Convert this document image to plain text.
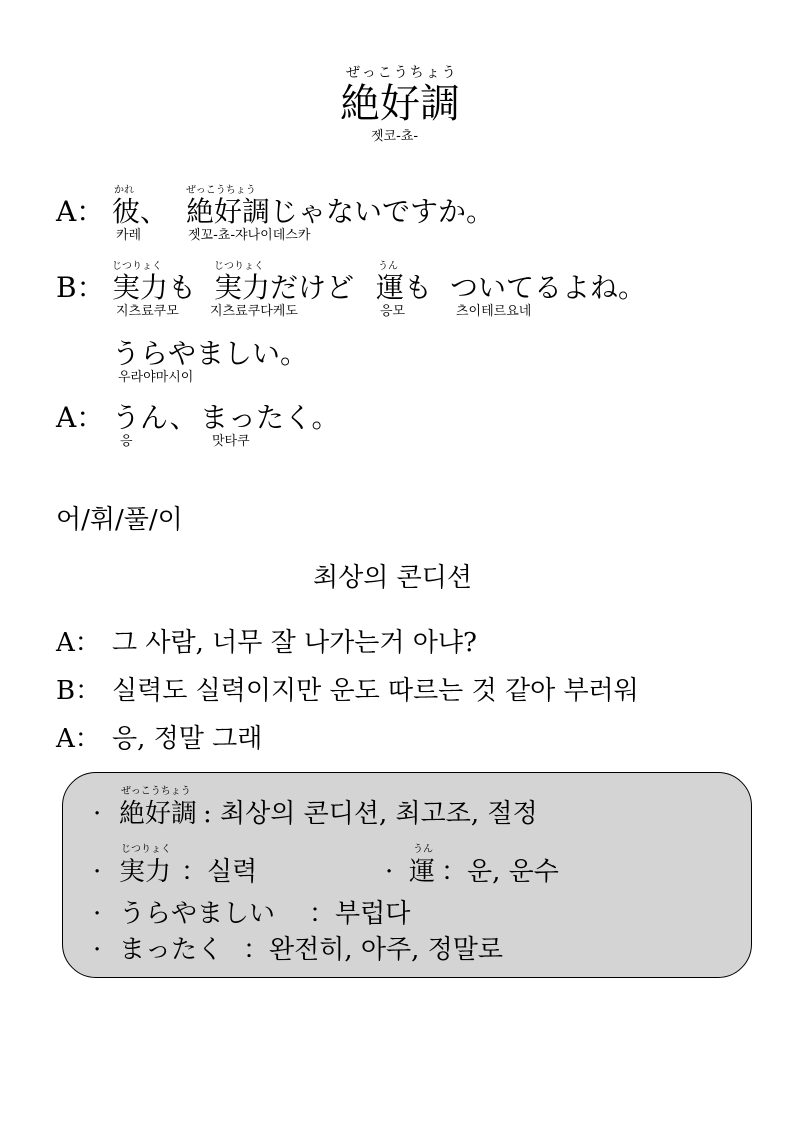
ぜっこうちょう
絶好調
젯코-쵸-
A：
かれ
彼、
카레
ぜっこうちょう
絶好調じゃないですか。
젯꼬-쵸-쟈나이데스카
B：
じつりょく
実力も
지츠료쿠모
じつりょく
実力だけど
지츠료쿠다케도
うん
運も
응모
ついてるよね。
츠이테르요네
うらやましい。
우라야마시이
A： うん、
응
まったく。
맛타쿠
어/휘/풀/이
최상의 콘디션
A： 그 사람, 너무 잘 나가는거 아냐?
B： 실력도 실력이지만 운도 따르는 것 같아 부러워
A： 응, 정말 그래
·
ぜっこうちょう
絶好調 : 최상의 콘디션, 최고조, 절정
·
じつりょく
実力 ：실력	·
うん
運 ：운, 운수
· うらやましい ：부럽다
· まったく ：완전히, 아주, 정말로
